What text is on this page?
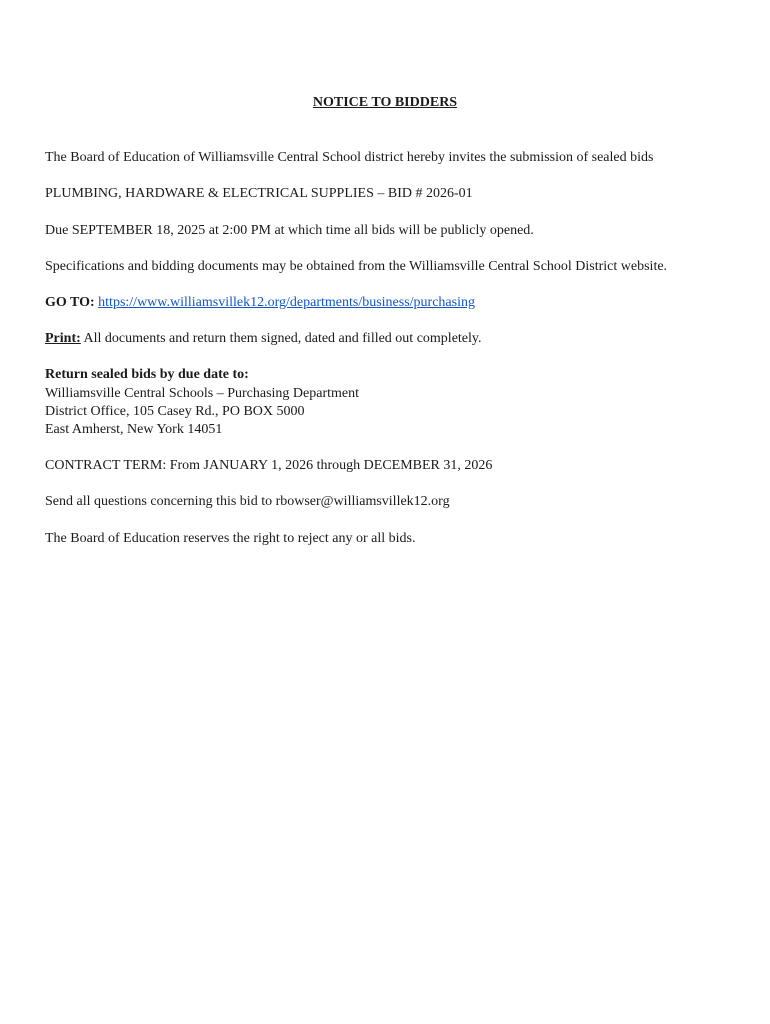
NOTICE TO BIDDERS

The Board of Education of Williamsville Central School district hereby invites the submission of sealed bids

PLUMBING, HARDWARE & ELECTRICAL SUPPLIES – BID # 2026-01

Due SEPTEMBER 18, 2025 at 2:00 PM at which time all bids will be publicly opened.

Specifications and bidding documents may be obtained from the Williamsville Central School District website.

GO TO: https://www.williamsvillek12.org/departments/business/purchasing

Print: All documents and return them signed, dated and filled out completely.

Return sealed bids by due date to:
Williamsville Central Schools – Purchasing Department
District Office, 105 Casey Rd., PO BOX 5000
East Amherst, New York 14051

CONTRACT TERM: From JANUARY 1, 2026 through DECEMBER 31, 2026

Send all questions concerning this bid to rbowser@williamsvillek12.org

The Board of Education reserves the right to reject any or all bids.
